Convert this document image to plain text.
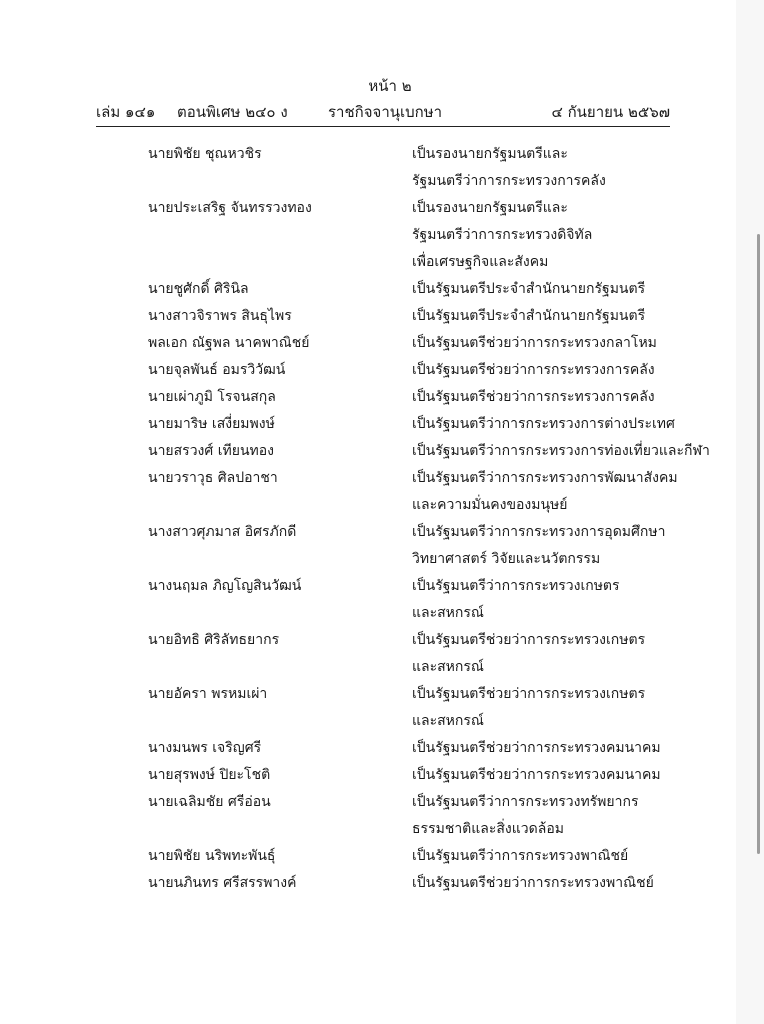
หน้า ๒
เล่ม ๑๔๑ ตอนพิเศษ ๒๔๐ ง	ราชกิจจานุเบกษา	๔ กันยายน ๒๕๖๗
นายพิชัย ชุณหวชิร	เป็นรองนายกรัฐมนตรีและ
รัฐมนตรีว่าการกระทรวงการคลัง
นายประเสริฐ จันทรรวงทอง	เป็นรองนายกรัฐมนตรีและ
รัฐมนตรีว่าการกระทรวงดิจิทัล
เพื่อเศรษฐกิจและสังคม
นายชูศักดิ์ ศิรินิล	เป็นรัฐมนตรีประจำสำนักนายกรัฐมนตรี
นางสาวจิราพร สินธุไพร	เป็นรัฐมนตรีประจำสำนักนายกรัฐมนตรี
พลเอก ณัฐพล นาคพาณิชย์	เป็นรัฐมนตรีช่วยว่าการกระทรวงกลาโหม
นายจุลพันธ์ อมรวิวัฒน์	เป็นรัฐมนตรีช่วยว่าการกระทรวงการคลัง
นายเผ่าภูมิ โรจนสกุล	เป็นรัฐมนตรีช่วยว่าการกระทรวงการคลัง
นายมาริษ เสงี่ยมพงษ์	เป็นรัฐมนตรีว่าการกระทรวงการต่างประเทศ
นายสรวงศ์ เทียนทอง	เป็นรัฐมนตรีว่าการกระทรวงการท่องเที่ยวและกีฬา
นายวราวุธ ศิลปอาชา	เป็นรัฐมนตรีว่าการกระทรวงการพัฒนาสังคม
และความมั่นคงของมนุษย์
นางสาวศุภมาส อิศรภักดี	เป็นรัฐมนตรีว่าการกระทรวงการอุดมศึกษา
วิทยาศาสตร์ วิจัยและนวัตกรรม
นางนฤมล ภิญโญสินวัฒน์	เป็นรัฐมนตรีว่าการกระทรวงเกษตร
และสหกรณ์
นายอิทธิ ศิริลัทธยากร	เป็นรัฐมนตรีช่วยว่าการกระทรวงเกษตร
และสหกรณ์
นายอัครา พรหมเผ่า	เป็นรัฐมนตรีช่วยว่าการกระทรวงเกษตร
และสหกรณ์
นางมนพร เจริญศรี	เป็นรัฐมนตรีช่วยว่าการกระทรวงคมนาคม
นายสุรพงษ์ ปิยะโชติ	เป็นรัฐมนตรีช่วยว่าการกระทรวงคมนาคม
นายเฉลิมชัย ศรีอ่อน	เป็นรัฐมนตรีว่าการกระทรวงทรัพยากร
ธรรมชาติและสิ่งแวดล้อม
นายพิชัย นริพทะพันธุ์	เป็นรัฐมนตรีว่าการกระทรวงพาณิชย์
นายนภินทร ศรีสรรพางค์	เป็นรัฐมนตรีช่วยว่าการกระทรวงพาณิชย์
